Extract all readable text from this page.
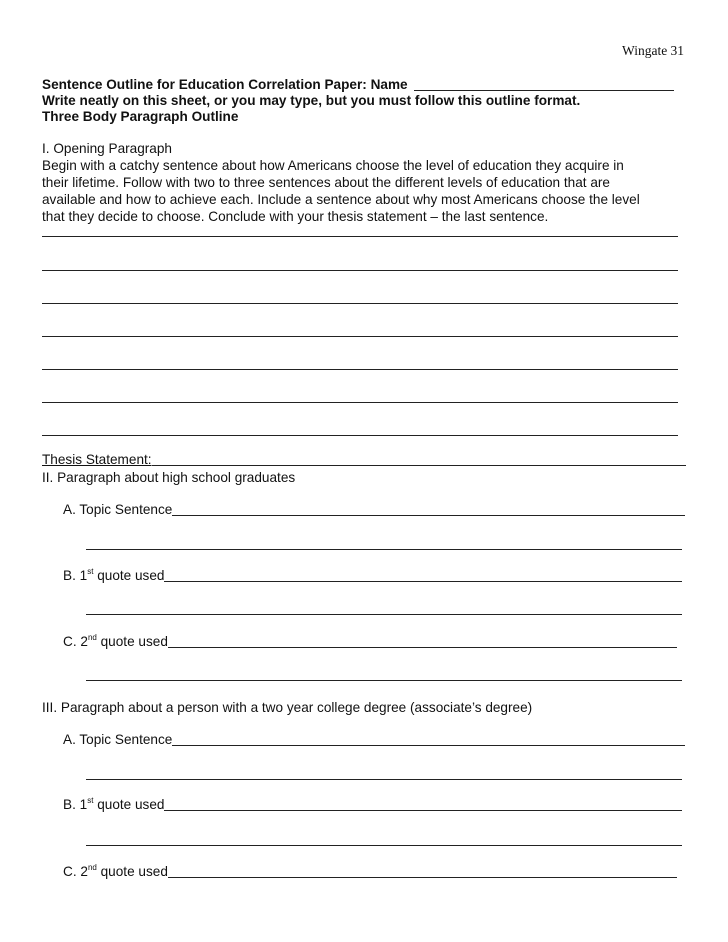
Wingate 31
Sentence Outline for Education Correlation Paper: Name
Write neatly on this sheet, or you may type, but you must follow this outline format.
Three Body Paragraph Outline
I. Opening Paragraph
Begin with a catchy sentence about how Americans choose the level of education they acquire in
their lifetime. Follow with two to three sentences about the different levels of education that are
available and how to achieve each. Include a sentence about why most Americans choose the level
that they decide to choose. Conclude with your thesis statement – the last sentence.
Thesis Statement:
II. Paragraph about high school graduates
A. Topic Sentence
B. 1st quote used
C. 2nd quote used
III. Paragraph about a person with a two year college degree (associate’s degree)
A. Topic Sentence
B. 1st quote used
C. 2nd quote used
